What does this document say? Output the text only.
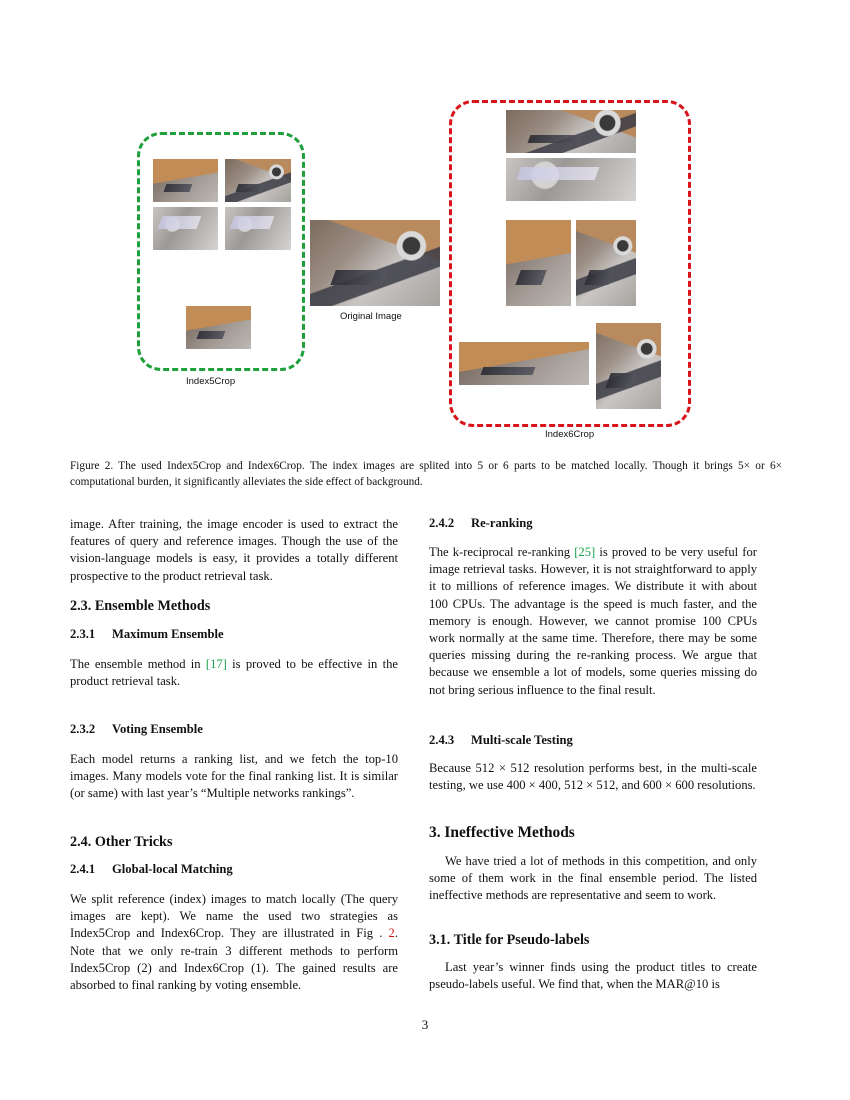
Index5Crop
Original Image
Index6Crop
Figure 2. The used Index5Crop and Index6Crop. The index images are splited into 5 or 6 parts to be matched locally. Though it brings 5× or 6× computational burden, it significantly alleviates the side effect of background.

image. After training, the image encoder is used to extract the features of query and reference images. Though the use of the vision-language models is easy, it provides a totally different prospective to the product retrieval task.

2.3. Ensemble Methods
2.3.1 Maximum Ensemble

The ensemble method in [17] is proved to be effective in the product retrieval task.

2.3.2 Voting Ensemble

Each model returns a ranking list, and we fetch the top-10 images. Many models vote for the final ranking list. It is similar (or same) with last year’s “Multiple networks rankings”.

2.4. Other Tricks
2.4.1 Global-local Matching

We split reference (index) images to match locally (The query images are kept). We name the used two strategies as Index5Crop and Index6Crop. They are illustrated in Fig . 2. Note that we only re-train 3 different methods to perform Index5Crop (2) and Index6Crop (1). The gained results are absorbed to final ranking by voting ensemble.

2.4.2 Re-ranking

The k-reciprocal re-ranking [25] is proved to be very useful for image retrieval tasks. However, it is not straightforward to apply it to millions of reference images. We distribute it with about 100 CPUs. The advantage is the speed is much faster, and the memory is enough. However, we cannot promise 100 CPUs work normally at the same time. Therefore, there may be some queries missing during the re-ranking process. We argue that because we ensemble a lot of models, some queries missing do not bring serious influence to the final result.

2.4.3 Multi-scale Testing

Because 512 × 512 resolution performs best, in the multi-scale testing, we use 400 × 400, 512 × 512, and 600 × 600 resolutions.

3. Ineffective Methods

We have tried a lot of methods in this competition, and only some of them work in the final ensemble period. The listed ineffective methods are representative and seem to work.

3.1. Title for Pseudo-labels

Last year’s winner finds using the product titles to create pseudo-labels useful. We find that, when the MAR@10 is

3
